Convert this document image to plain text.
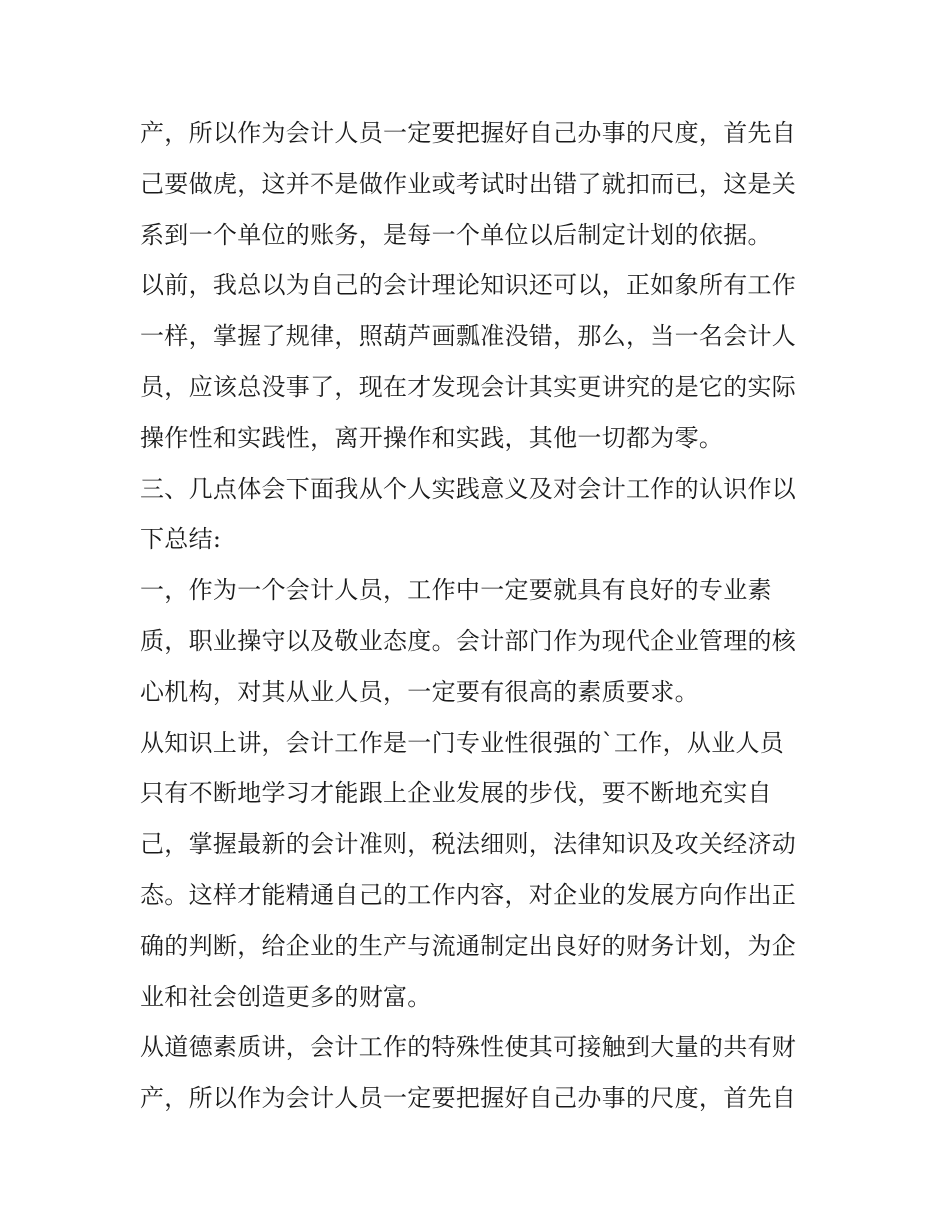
产，所以作为会计人员一定要把握好自己办事的尺度，首先自
己要做虎，这并不是做作业或考试时出错了就扣而已，这是关
系到一个单位的账务，是每一个单位以后制定计划的依据。
以前，我总以为自己的会计理论知识还可以，正如象所有工作
一样，掌握了规律，照葫芦画瓢准没错，那么，当一名会计人
员，应该总没事了，现在才发现会计其实更讲究的是它的实际
操作性和实践性，离开操作和实践，其他一切都为零。
三、几点体会下面我从个人实践意义及对会计工作的认识作以
下总结:
一，作为一个会计人员，工作中一定要就具有良好的专业素
质，职业操守以及敬业态度。会计部门作为现代企业管理的核
心机构，对其从业人员，一定要有很高的素质要求。
从知识上讲，会计工作是一门专业性很强的`工作，从业人员
只有不断地学习才能跟上企业发展的步伐，要不断地充实自
己，掌握最新的会计准则，税法细则，法律知识及攻关经济动
态。这样才能精通自己的工作内容，对企业的发展方向作出正
确的判断，给企业的生产与流通制定出良好的财务计划，为企
业和社会创造更多的财富。
从道德素质讲，会计工作的特殊性使其可接触到大量的共有财
产，所以作为会计人员一定要把握好自己办事的尺度，首先自
